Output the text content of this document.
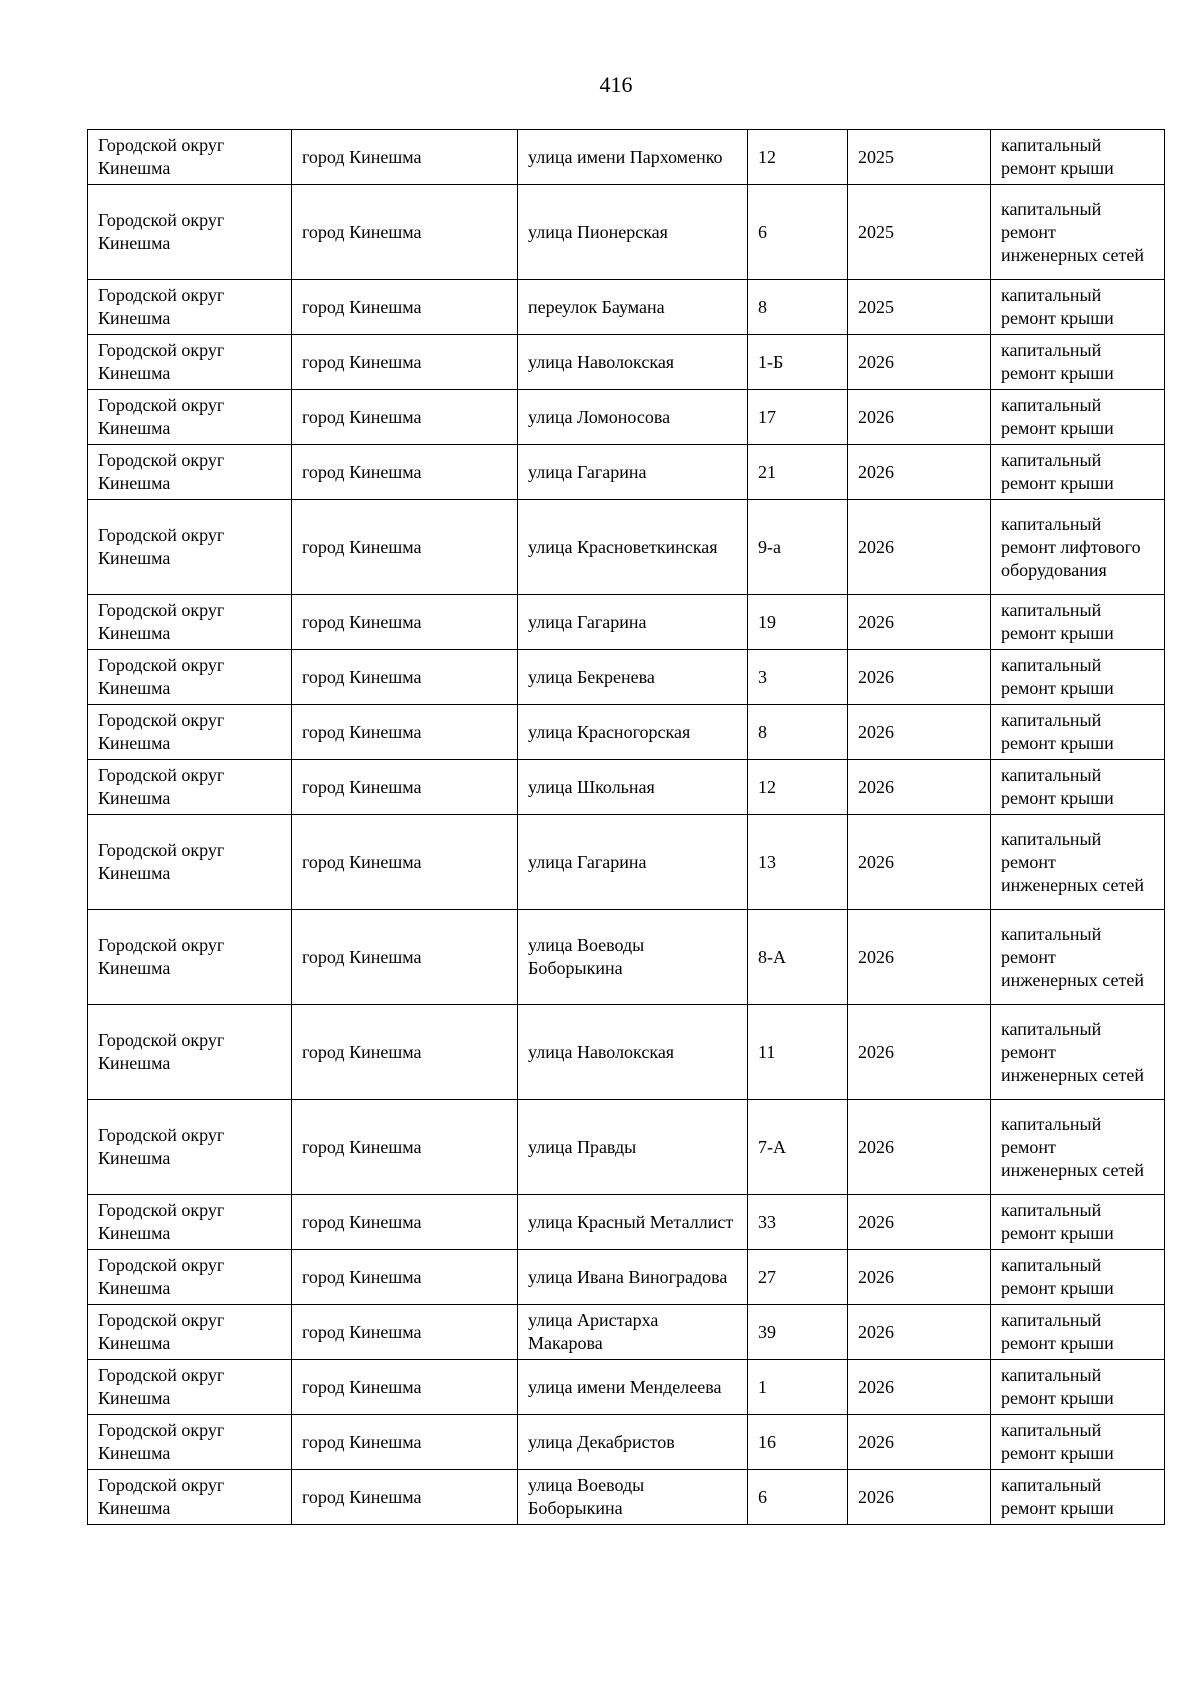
416
Городской округ Кинешма	город Кинешма	улица имени Пархоменко	12	2025	капитальный ремонт крыши

Городской округ Кинешма	город Кинешма	улица Пионерская	6	2025	капитальный ремонт инженерных сетей

Городской округ Кинешма	город Кинешма	переулок Баумана	8	2025	капитальный ремонт крыши

Городской округ Кинешма	город Кинешма	улица Наволокская	1-Б	2026	капитальный ремонт крыши

Городской округ Кинешма	город Кинешма	улица Ломоносова	17	2026	капитальный ремонт крыши

Городской округ Кинешма	город Кинешма	улица Гагарина	21	2026	капитальный ремонт крыши

Городской округ Кинешма	город Кинешма	улица Красноветкинская	9-а	2026	капитальный ремонт лифтового оборудования

Городской округ Кинешма	город Кинешма	улица Гагарина	19	2026	капитальный ремонт крыши

Городской округ Кинешма	город Кинешма	улица Бекренева	3	2026	капитальный ремонт крыши

Городской округ Кинешма	город Кинешма	улица Красногорская	8	2026	капитальный ремонт крыши

Городской округ Кинешма	город Кинешма	улица Школьная	12	2026	капитальный ремонт крыши

Городской округ Кинешма	город Кинешма	улица Гагарина	13	2026	капитальный ремонт инженерных сетей

Городской округ Кинешма	город Кинешма	улица Воеводы Боборыкина	8-А	2026	капитальный ремонт инженерных сетей

Городской округ Кинешма	город Кинешма	улица Наволокская	11	2026	капитальный ремонт инженерных сетей

Городской округ Кинешма	город Кинешма	улица Правды	7-А	2026	капитальный ремонт инженерных сетей

Городской округ Кинешма	город Кинешма	улица Красный Металлист	33	2026	капитальный ремонт крыши

Городской округ Кинешма	город Кинешма	улица Ивана Виноградова	27	2026	капитальный ремонт крыши

Городской округ Кинешма	город Кинешма	улица Аристарха Макарова	39	2026	капитальный ремонт крыши

Городской округ Кинешма	город Кинешма	улица имени Менделеева	1	2026	капитальный ремонт крыши

Городской округ Кинешма	город Кинешма	улица Декабристов	16	2026	капитальный ремонт крыши

Городской округ Кинешма	город Кинешма	улица Воеводы Боборыкина	6	2026	капитальный ремонт крыши
